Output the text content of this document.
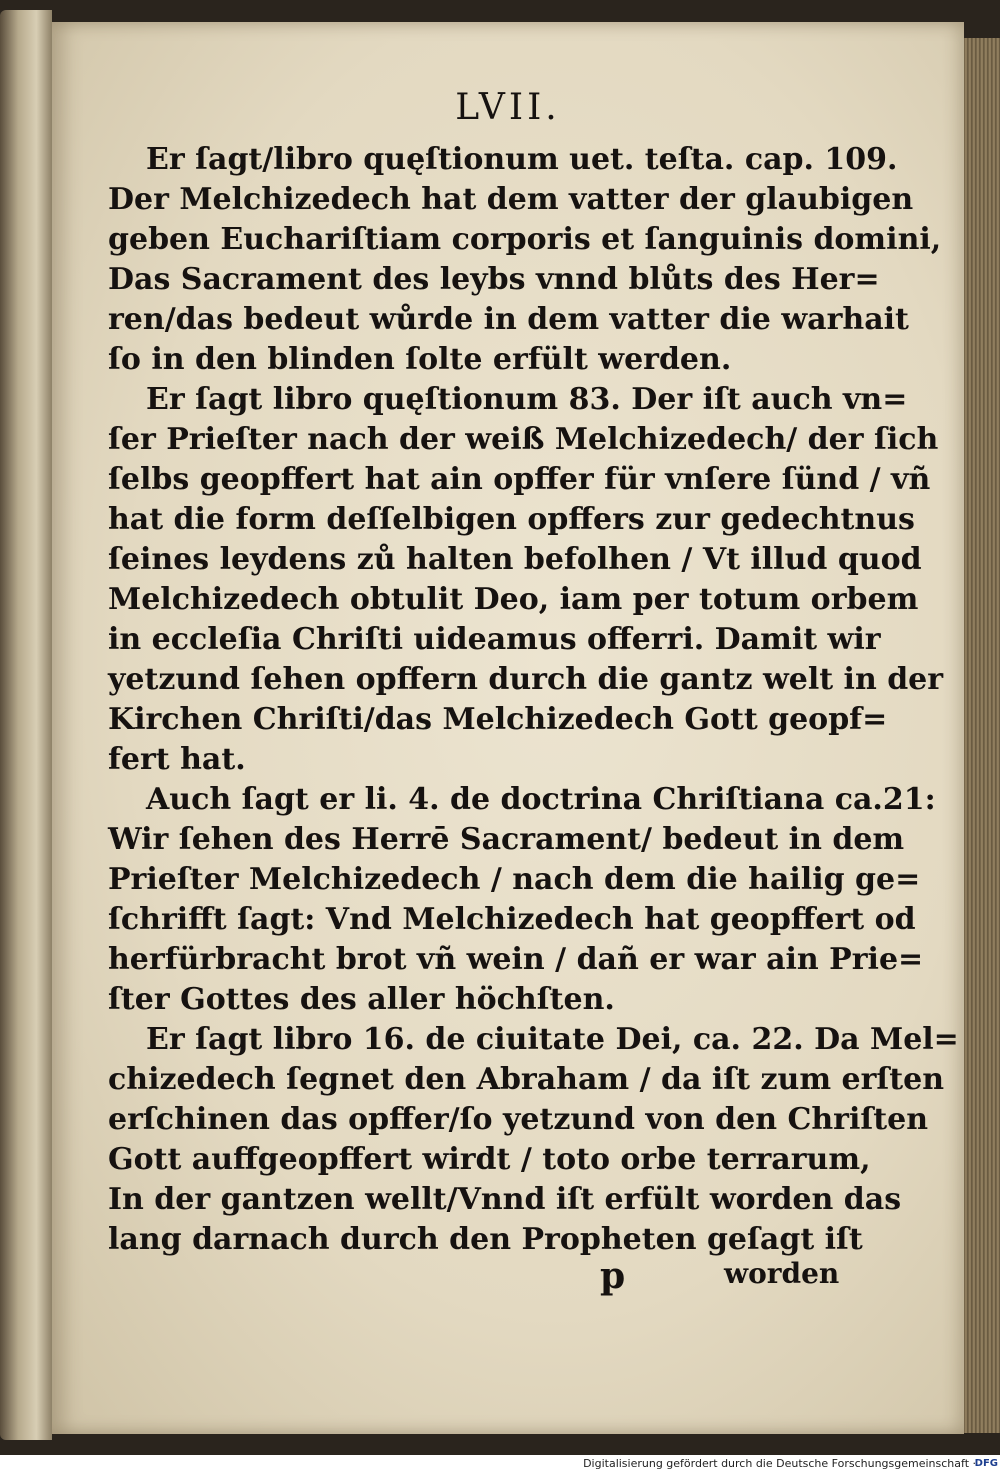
LVII.
Er ſagt/libro quęſtionum uet. teſta. cap. 109.
Der Melchizedech hat dem vatter der glaubigen
geben Euchariſtiam corporis et ſanguinis domini,
Das Sacrament des leybs vnnd blůts des Her=
ren/das bedeut wůrde in dem vatter die warhait
ſo in den blinden ſolte erfült werden.
Er ſagt libro quęſtionum 83. Der iſt auch vn=
ſer Prieſter nach der weiß Melchizedech/ der ſich
ſelbs geopffert hat ain opffer für vnſere ſünd / vñ
hat die form deſſelbigen opffers zur gedechtnus
ſeines leydens zů halten befolhen / Vt illud quod
Melchizedech obtulit Deo, iam per totum orbem
in eccleſia Chriſti uideamus offerri. Damit wir
yetzund ſehen opffern durch die gantz welt in der
Kirchen Chriſti/das Melchizedech Gott geopf=
fert hat.
Auch ſagt er li. 4. de doctrina Chriſtiana ca.21:
Wir ſehen des Herrē Sacrament/ bedeut in dem
Prieſter Melchizedech / nach dem die hailig ge=
ſchrifft ſagt: Vnd Melchizedech hat geopffert od
herfürbracht brot vñ wein / dañ er war ain Prie=
ſter Gottes des aller höchſten.
Er ſagt libro 16. de ciuitate Dei, ca. 22. Da Mel=
chizedech ſegnet den Abraham / da iſt zum erſten
erſchinen das opffer/ſo yetzund von den Chriſten
Gott auffgeopffert wirdt / toto orbe terrarum,
In der gantzen wellt/Vnnd iſt erfült worden das
lang darnach durch den Propheten geſagt iſt
p	worden
Digitalisierung gefördert durch die Deutsche Forschungsgemeinschaft ·
DFG
